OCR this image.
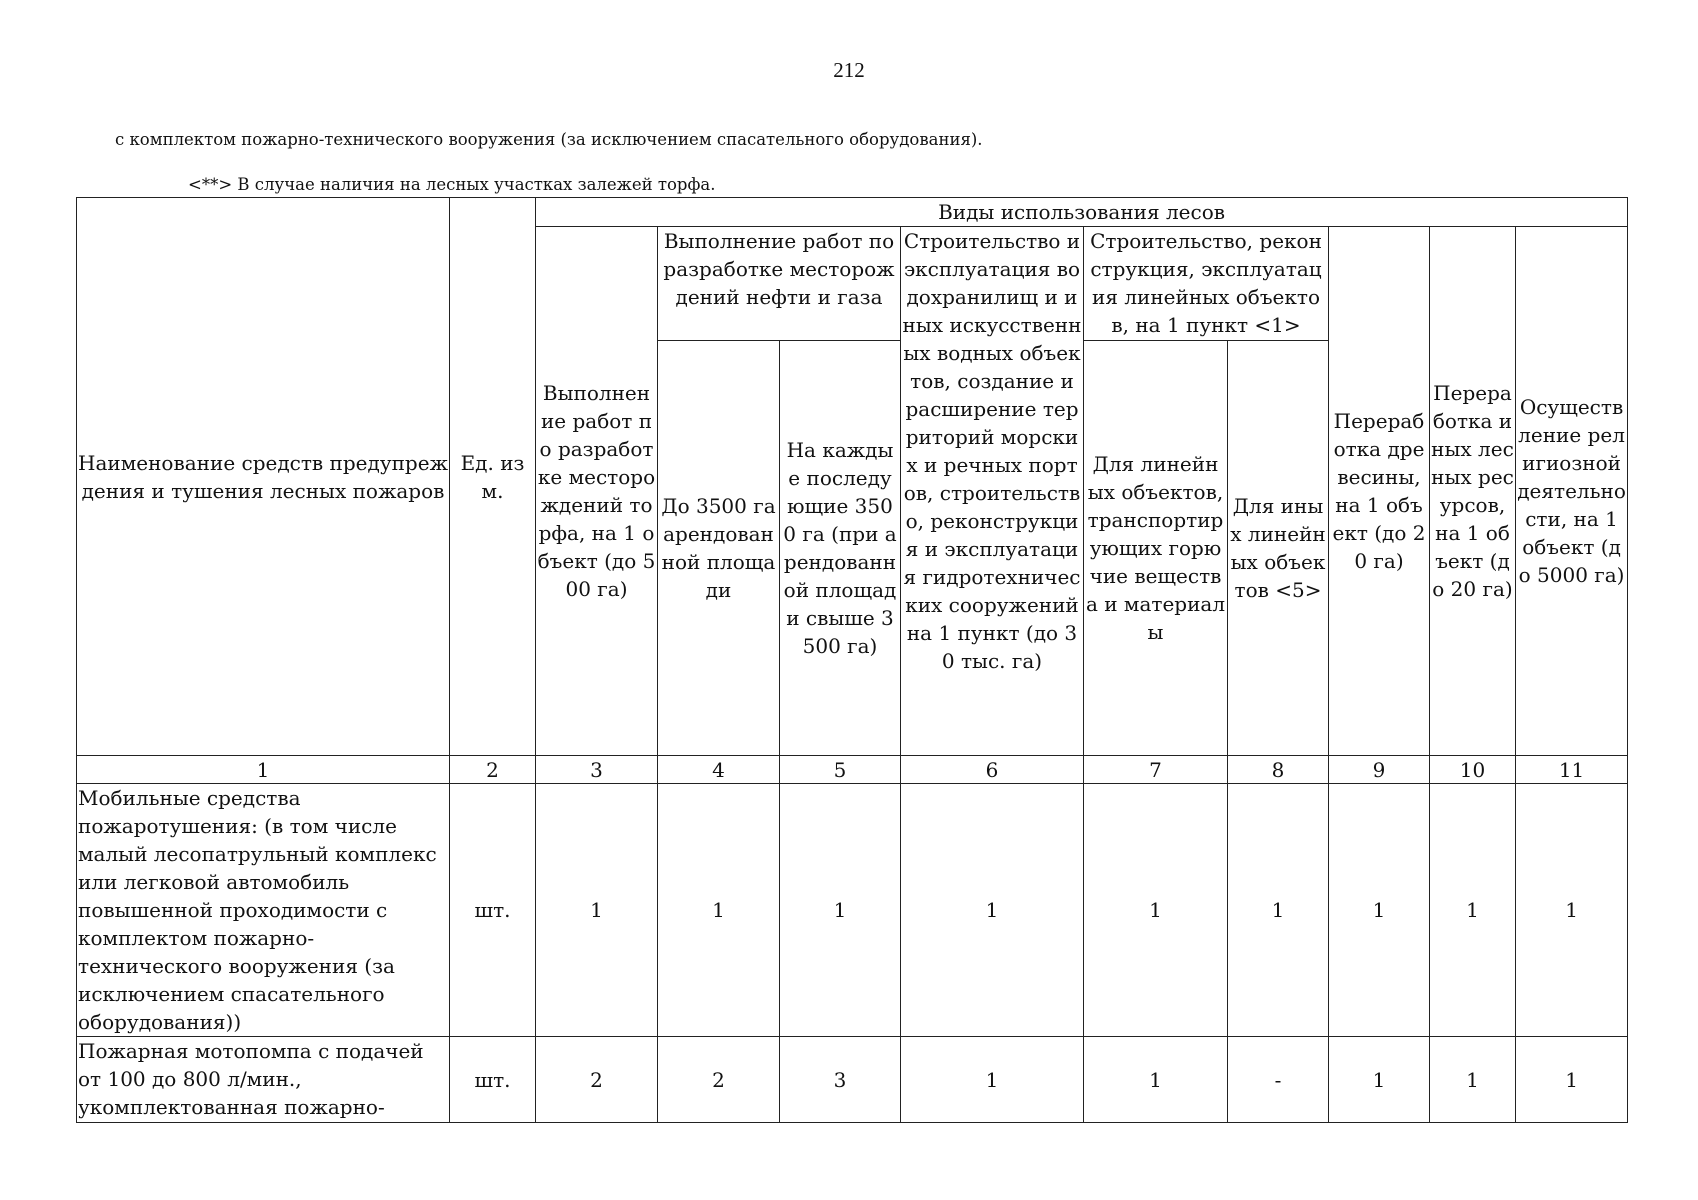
212
с комплектом пожарно-технического вооружения (за исключением спасательного оборудования).
<**> В случае наличия на лесных участках залежей торфа.
Наименование средств предупреждения и тушения лесных пожаров	Ед. изм.	Виды использования лесов								
		Выполнение работ по разработке месторождений торфа, на 1 объект (до 500 га)	Выполнение работ по разработке месторождений нефти и газа		Строительство и эксплуатация водохранилищ и иных искусственных водных объектов, создание и расширение территорий морских и речных портов, строительство, реконструкция и эксплуатация гидротехнических сооружений на 1 пункт (до 30 тыс. га)	Строительство, реконструкция, эксплуатация линейных объектов, на 1 пункт <1>		Переработка древесины, на 1 объект (до 20 га)	Переработка иных лесных ресурсов, на 1 объект (до 20 га)	Осуществление религиозной деятельности, на 1 объект (до 5000 га)
			До 3500 га арендованной площади	На каждые последующие 3500 га (при арендованной площади свыше 3500 га)		Для линейных объектов, транспортирующих горючие вещества и материалы	Для иных линейных объектов <5>			

1	2	3	4	5	6	7	8	9	10	11
Мобильные средства пожаротушения: (в том числе малый лесопатрульный комплекс или легковой автомобиль повышенной проходимости с комплектом пожарно-технического вооружения (за исключением спасательного оборудования))	шт.	1	1	1	1	1	1	1	1	1
Пожарная мотопомпа с подачей от 100 до 800 л/мин., укомплектованная пожарно-	шт.	2	2	3	1	1	-	1	1	1
